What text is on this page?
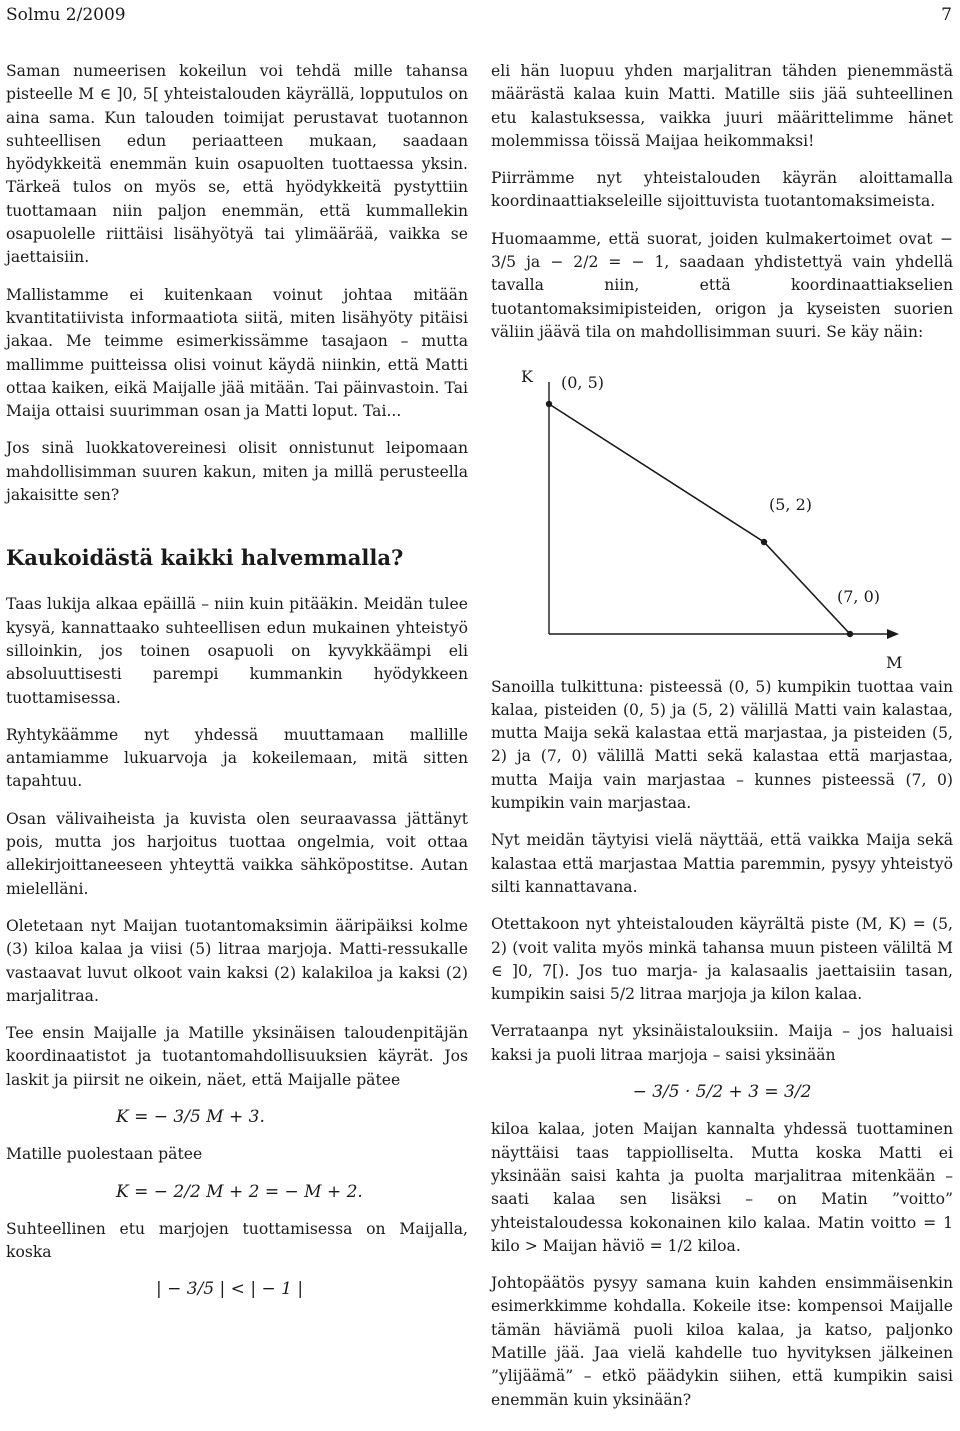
Solmu 2/2009	7

Saman numeerisen kokeilun voi tehdä mille tahansa pisteelle M ∈ ]0, 5[ yhteistalouden käyrällä, lopputulos on aina sama. Kun talouden toimijat perustavat tuotannon suhteellisen edun periaatteen mukaan, saadaan hyödykkeitä enemmän kuin osapuolten tuottaessa yksin. Tärkeä tulos on myös se, että hyödykkeitä pystyttiin tuottamaan niin paljon enemmän, että kummallekin osapuolelle riittäisi lisähyötyä tai ylimäärää, vaikka se jaettaisiin.

Mallistamme ei kuitenkaan voinut johtaa mitään kvantitatiivista informaatiota siitä, miten lisähyöty pitäisi jakaa. Me teimme esimerkissämme tasajaon – mutta mallimme puitteissa olisi voinut käydä niinkin, että Matti ottaa kaiken, eikä Maijalle jää mitään. Tai päinvastoin. Tai Maija ottaisi suurimman osan ja Matti loput. Tai...

Jos sinä luokkatovereinesi olisit onnistunut leipomaan mahdollisimman suuren kakun, miten ja millä perusteella jakaisitte sen?

Kaukoidästä kaikki halvemmalla?

Taas lukija alkaa epäillä – niin kuin pitääkin. Meidän tulee kysyä, kannattaako suhteellisen edun mukainen yhteistyö silloinkin, jos toinen osapuoli on kyvykkäämpi eli absoluuttisesti parempi kummankin hyödykkeen tuottamisessa.

Ryhtykäämme nyt yhdessä muuttamaan mallille antamiamme lukuarvoja ja kokeilemaan, mitä sitten tapahtuu.

Osan välivaiheista ja kuvista olen seuraavassa jättänyt pois, mutta jos harjoitus tuottaa ongelmia, voit ottaa allekirjoittaneeseen yhteyttä vaikka sähköpostitse. Autan mielelläni.

Oletetaan nyt Maijan tuotantomaksimin ääripäiksi kolme (3) kiloa kalaa ja viisi (5) litraa marjoja. Matti-ressukalle vastaavat luvut olkoot vain kaksi (2) kalakiloa ja kaksi (2) marjalitraa.

Tee ensin Maijalle ja Matille yksinäisen taloudenpitäjän koordinaatistot ja tuotantomahdollisuuksien käyrät. Jos laskit ja piirsit ne oikein, näet, että Maijalle pätee

K = − 3/5 M + 3.

Matille puolestaan pätee

K = − 2/2 M + 2 = − M + 2.

Suhteellinen etu marjojen tuottamisessa on Maijalla, koska

| − 3/5 | < | − 1 |

eli hän luopuu yhden marjalitran tähden pienemmästä määrästä kalaa kuin Matti. Matille siis jää suhteellinen etu kalastuksessa, vaikka juuri määrittelimme hänet molemmissa töissä Maijaa heikommaksi!

Piirrämme nyt yhteistalouden käyrän aloittamalla koordinaattiakseleille sijoittuvista tuotantomaksimeista.

Huomaamme, että suorat, joiden kulmakertoimet ovat − 3/5 ja − 2/2 = − 1, saadaan yhdistettyä vain yhdellä tavalla niin, että koordinaattiakselien tuotantomaksimipisteiden, origon ja kyseisten suorien väliin jäävä tila on mahdollisimman suuri. Se käy näin:

K
M
(0, 5)
(5, 2)
(7, 0)

Sanoilla tulkittuna: pisteessä (0, 5) kumpikin tuottaa vain kalaa, pisteiden (0, 5) ja (5, 2) välillä Matti vain kalastaa, mutta Maija sekä kalastaa että marjastaa, ja pisteiden (5, 2) ja (7, 0) välillä Matti sekä kalastaa että marjastaa, mutta Maija vain marjastaa – kunnes pisteessä (7, 0) kumpikin vain marjastaa.

Nyt meidän täytyisi vielä näyttää, että vaikka Maija sekä kalastaa että marjastaa Mattia paremmin, pysyy yhteistyö silti kannattavana.

Otettakoon nyt yhteistalouden käyrältä piste (M, K) = (5, 2) (voit valita myös minkä tahansa muun pisteen väliltä M ∈ ]0, 7[). Jos tuo marja- ja kalasaalis jaettaisiin tasan, kumpikin saisi 5/2 litraa marjoja ja kilon kalaa.

Verrataanpa nyt yksinäistalouksiin. Maija – jos haluaisi kaksi ja puoli litraa marjoja – saisi yksinään

− 3/5 · 5/2 + 3 = 3/2

kiloa kalaa, joten Maijan kannalta yhdessä tuottaminen näyttäisi taas tappiolliselta. Mutta koska Matti ei yksinään saisi kahta ja puolta marjalitraa mitenkään – saati kalaa sen lisäksi – on Matin ”voitto” yhteistaloudessa kokonainen kilo kalaa. Matin voitto = 1 kilo > Maijan häviö = 1/2 kiloa.

Johtopäätös pysyy samana kuin kahden ensimmäisenkin esimerkkimme kohdalla. Kokeile itse: kompensoi Maijalle tämän häviämä puoli kiloa kalaa, ja katso, paljonko Matille jää. Jaa vielä kahdelle tuo hyvityksen jälkeinen ”ylijäämä” – etkö päädykin siihen, että kumpikin saisi enemmän kuin yksinään?
